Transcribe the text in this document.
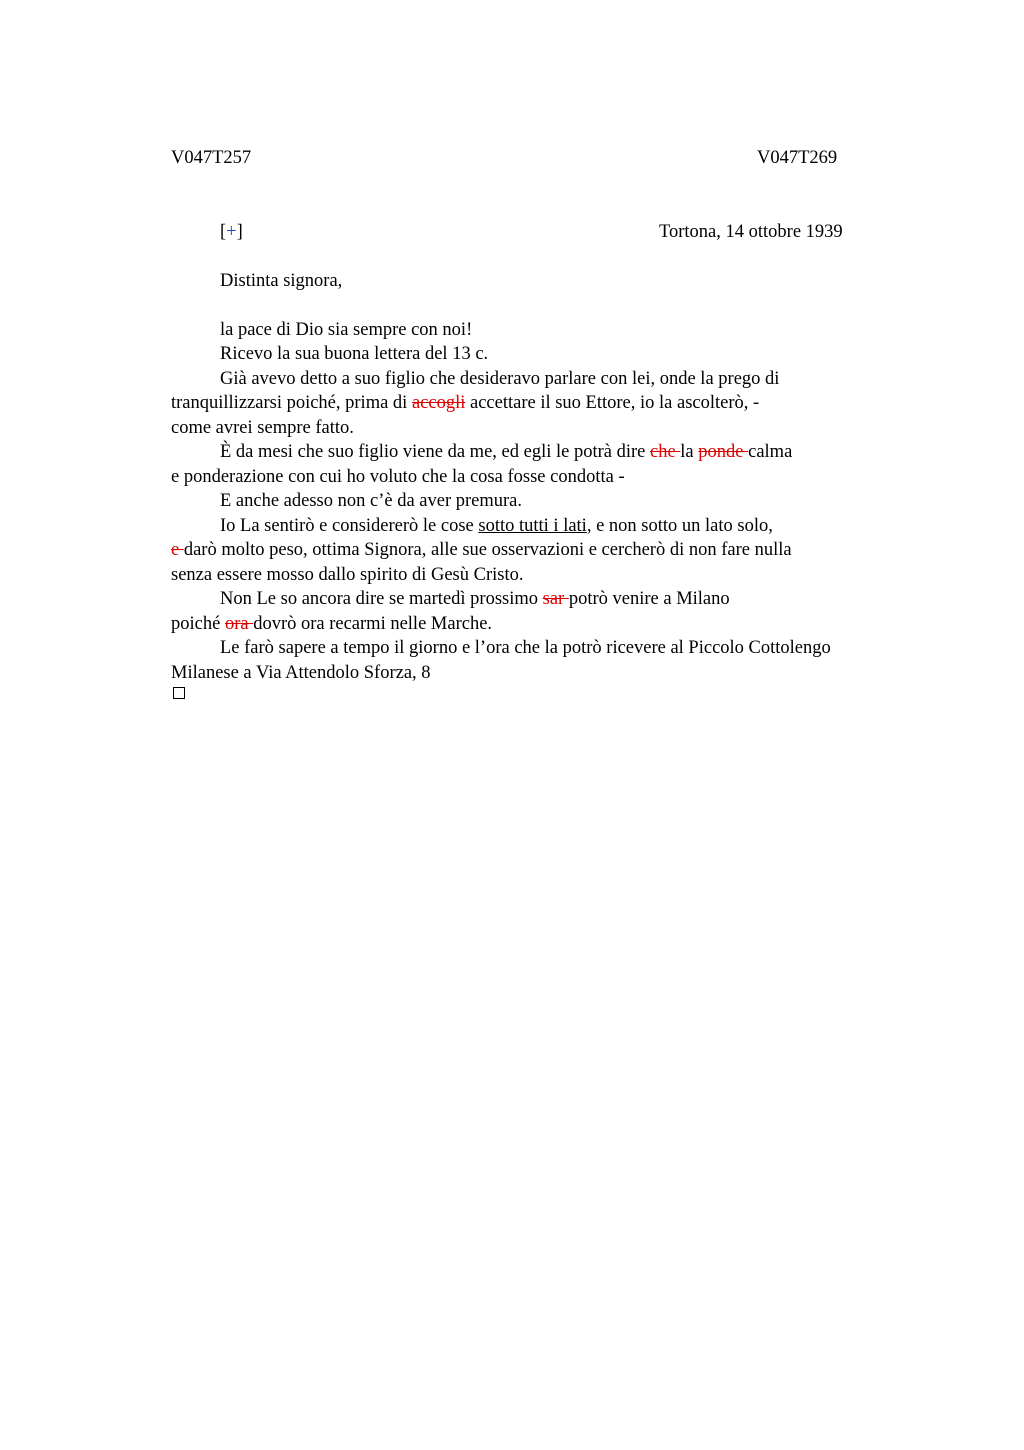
V047T257	V047T269
[+]	Tortona, 14 ottobre 1939
Distinta signora,
la pace di Dio sia sempre con noi!
Ricevo la sua buona lettera del 13 c.
Già avevo detto a suo figlio che desideravo parlare con lei, onde la prego di
tranquillizzarsi poiché, prima di accogli accettare il suo Ettore, io la ascolterò, -
come avrei sempre fatto.
È da mesi che suo figlio viene da me, ed egli le potrà dire che la ponde calma
e ponderazione con cui ho voluto che la cosa fosse condotta -
E anche adesso non c’è da aver premura.
Io La sentirò e considererò le cose sotto tutti i lati, e non sotto un lato solo,
e darò molto peso, ottima Signora, alle sue osservazioni e cercherò di non fare nulla
senza essere mosso dallo spirito di Gesù Cristo.
Non Le so ancora dire se martedì prossimo sar potrò venire a Milano
poiché ora dovrò ora recarmi nelle Marche.
Le farò sapere a tempo il giorno e l’ora che la potrò ricevere al Piccolo Cottolengo
Milanese a Via Attendolo Sforza, 8
